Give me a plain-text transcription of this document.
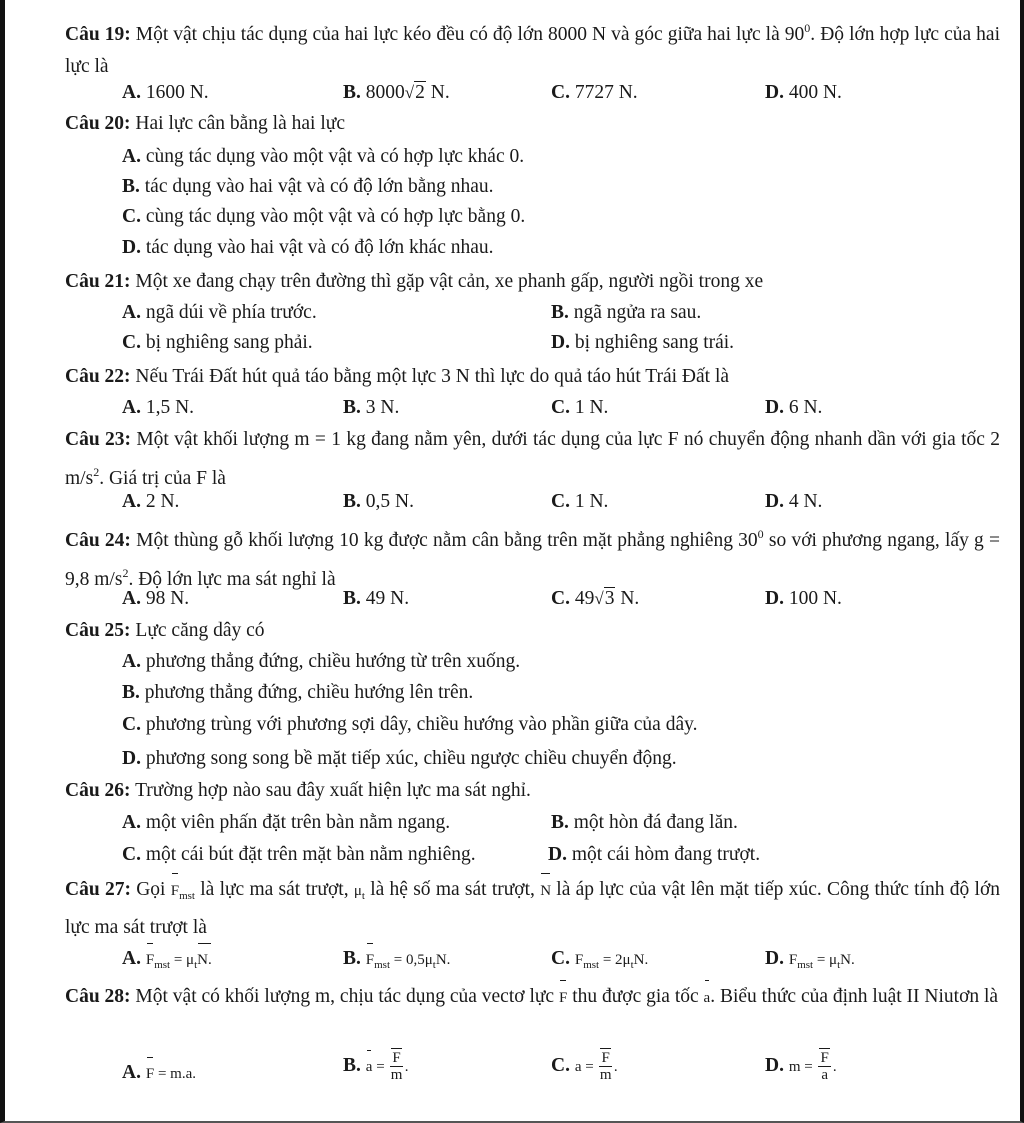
Câu 19: Một vật chịu tác dụng của hai lực kéo đều có độ lớn 8000 N và góc giữa hai lực là $90^0$. Độ lớn hợp lực của hai lực là
A. 1600 N.	B. 8000√2 N.	C. 7727 N.	D. 400 N.
Câu 20: Hai lực cân bằng là hai lực
A. cùng tác dụng vào một vật và có hợp lực khác 0.
B. tác dụng vào hai vật và có độ lớn bằng nhau.
C. cùng tác dụng vào một vật và có hợp lực bằng 0.
D. tác dụng vào hai vật và có độ lớn khác nhau.
Câu 21: Một xe đang chạy trên đường thì gặp vật cản, xe phanh gấp, người ngồi trong xe
A. ngã dúi về phía trước.	B. ngã ngửa ra sau.
C. bị nghiêng sang phải.	D. bị nghiêng sang trái.
Câu 22: Nếu Trái Đất hút quả táo bằng một lực 3 N thì lực do quả táo hút Trái Đất là
A. 1,5 N.	B. 3 N.	C. 1 N.	D. 6 N.
Câu 23: Một vật khối lượng m = 1 kg đang nằm yên, dưới tác dụng của lực F nó chuyển động nhanh dần với gia tốc 2 $m/s^2$. Giá trị của F là
A. 2 N.	B. 0,5 N.	C. 1 N.	D. 4 N.
Câu 24: Một thùng gỗ khối lượng 10 kg được nằm cân bằng trên mặt phẳng nghiêng $30^0$ so với phương ngang, lấy g = 9,8 $m/s^2$. Độ lớn lực ma sát nghỉ là
A. 98 N.	B. 49 N.	C. 49√3 N.	D. 100 N.
Câu 25: Lực căng dây có
A. phương thẳng đứng, chiều hướng từ trên xuống.
B. phương thẳng đứng, chiều hướng lên trên.
C. phương trùng với phương sợi dây, chiều hướng vào phần giữa của dây.
D. phương song song bề mặt tiếp xúc, chiều ngược chiều chuyển động.
Câu 26: Trường hợp nào sau đây xuất hiện lực ma sát nghỉ.
A. một viên phấn đặt trên bàn nằm ngang.	B. một hòn đá đang lăn.
C. một cái bút đặt trên mặt bàn nằm nghiêng.	D. một cái hòm đang trượt.
Câu 27: Gọi $F_{mst}$ là lực ma sát trượt, $\mu_t$ là hệ số ma sát trượt, N là áp lực của vật lên mặt tiếp xúc. Công thức tính độ lớn lực ma sát trượt là
A. $F_{mst} = \mu_tN$.	B. $F_{mst} = 0,5\mu_tN$.	C. $F_{mst} = 2\mu_tN$.	D. $F_{mst} = \mu_tN$.
Câu 28: Một vật có khối lượng m, chịu tác dụng của vectơ lực F thu được gia tốc a. Biểu thức của định luật II Niutơn là
A. F = m.a.	B. $a = \frac{F}{m}$ .	C. $a = \frac{F}{m}$ .	D. $m = \frac{F}{a}$ .
